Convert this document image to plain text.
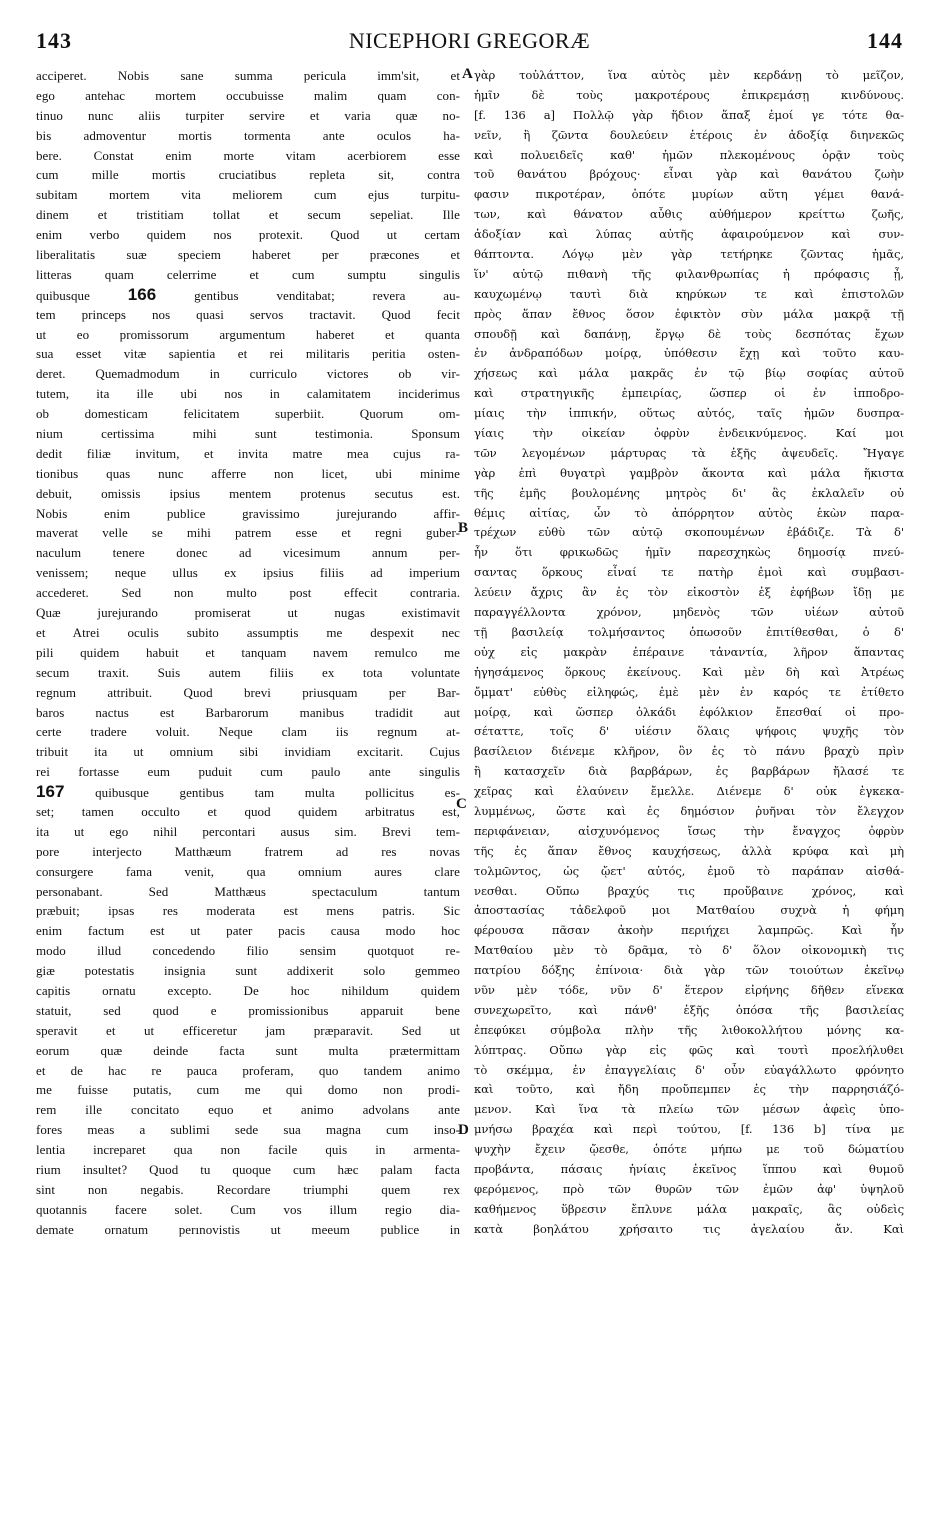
143	NICEPHORI GREGORÆ	144
acciperet. Nobis sane summa pericula imm'sit, et
ego antehac mortem occubuisse malim quam con-
tinuo nunc aliis turpiter servire et varia quæ no-
bis admoventur mortis tormenta ante oculos ha-
bere. Constat enim morte vitam acerbiorem esse
cum mille mortis cruciatibus repleta sit, contra
subitam mortem vita meliorem cum ejus turpitu-
dinem et tristitiam tollat et secum sepeliat. Ille
enim verbo quidem nos protexit. Quod ut certam
liberalitatis suæ speciem haberet per præcones et
litteras quam celerrime et cum sumptu singulis
quibusque 166 gentibus venditabat; revera au-
tem princeps nos quasi servos tractavit. Quod fecit
ut eo promissorum argumentum haberet et quanta
sua esset vitæ sapientia et rei militaris peritia osten-
deret. Quemadmodum in curriculo victores ob vir-
tutem, ita ille ubi nos in calamitatem inciderimus
ob domesticam felicitatem superbiit. Quorum om-
nium certissima mihi sunt testimonia. Sponsum
dedit filiæ invitum, et invita matre mea cujus ra-
tionibus quas nunc afferre non licet, ubi minime
debuit, omissis ipsius mentem protenus secutus est.
Nobis enim publice gravissimo jurejurando affir-
maverat velle se mihi patrem esse et regni guber-
naculum tenere donec ad vicesimum annum per-
venissem; neque ullus ex ipsius filiis ad imperium
accederet. Sed non multo post effecit contraria.
Quæ jurejurando promiserat ut nugas existimavit
et Atrei oculis subito assumptis me despexit nec
pili quidem habuit et tanquam navem remulco me
secum traxit. Suis autem filiis ex tota voluntate
regnum attribuit. Quod brevi priusquam per Bar-
baros nactus est Barbarorum manibus tradidit aut
certe tradere voluit. Neque clam iis regnum at-
tribuit ita ut omnium sibi invidiam excitarit. Cujus
rei fortasse eum puduit cum paulo ante singulis
167 quibusque gentibus tam multa pollicitus es-
set; tamen occulto et quod quidem arbitratus est,
ita ut ego nihil percontari ausus sim. Brevi tem-
pore interjecto Matthæum fratrem ad res novas
consurgere fama venit, qua omnium aures clare
personabant. Sed Matthæus spectaculum tantum
præbuit; ipsas res moderata est mens patris. Sic
enim factum est ut pater pacis causa modo hoc
modo illud concedendo filio sensim quotquot re-
giæ potestatis insignia sunt addixerit solo gemmeo
capitis ornatu excepto. De hoc nihildum quidem
statuit, sed quod e promissionibus apparuit bene
speravit et ut efficeretur jam præparavit. Sed ut
eorum quæ deinde facta sunt multa prætermittam
et de hac re pauca proferam, quo tandem animo
me fuisse putatis, cum me qui domo non prodi-
rem ille concitato equo et animo advolans ante
fores meas a sublimi sede sua magna cum inso-
lentia increparet qua non facile quis in armenta-
rium insultet? Quod tu quoque cum hæc palam facta
sint non negabis. Recordare triumphi quem rex
quotannis facere solet. Cum vos illum regio dia-
demate ornatum perınovistis ut meeum publice in
A
B
C
D
γὰρ τοὐλάττον, ἵνα αὐτὸς μὲν κερδάνῃ τὸ μεῖζον,
ἡμῖν δὲ τοὺς μακροτέρους ἐπικρεμάσῃ κινδύνους.
[f. 136 a] Πολλῷ γὰρ ἥδιον ἅπαξ ἐμοί γε τότε θα-
νεῖν, ἢ ζῶντα δουλεύειν ἑτέροις ἐν ἀδοξίᾳ διηνεκῶς
καὶ πολυειδεῖς καθ' ἡμῶν πλεκομένους ὁρᾷν τοὺς
τοῦ θανάτου βρόχους· εἶναι γὰρ καὶ θανάτου ζωὴν
φασιν πικροτέραν, ὁπότε μυρίων αὕτη γέμει θανά-
των, καὶ θάνατον αὖθις αὐθήμερον κρείττω ζωῆς,
ἀδοξίαν καὶ λύπας αὐτῆς ἀφαιρούμενον καὶ συν-
θάπτοντα. Λόγῳ μὲν γὰρ τετήρηκε ζῶντας ἡμᾶς,
ἵν' αὐτῷ πιθανὴ τῆς φιλανθρωπίας ἡ πρόφασις ᾖ,
καυχωμένῳ ταυτὶ διὰ κηρύκων τε καὶ ἐπιστολῶν
πρὸς ἅπαν ἔθνος ὅσον ἐφικτὸν σὺν μάλα μακρᾷ τῇ
σπουδῇ καὶ δαπάνῃ, ἔργῳ δὲ τοὺς δεσπότας ἔχων
ἐν ἀνδραπόδων μοίρᾳ, ὑπόθεσιν ἔχῃ καὶ τοῦτο καυ-
χήσεως καὶ μάλα μακρᾶς ἐν τῷ βίῳ σοφίας αὐτοῦ
καὶ στρατηγικῆς ἐμπειρίας, ὥσπερ οἱ ἐν ἱπποδρο-
μίαις τὴν ἱππικήν, οὕτως αὐτός, ταῖς ἡμῶν δυσπρα-
γίαις τὴν οἰκείαν ὀφρὺν ἐνδεικνύμενος. Καί μοι
τῶν λεγομένων μάρτυρας τὰ ἑξῆς ἀψευδεῖς. Ἤγαγε
γὰρ ἐπὶ θυγατρὶ γαμβρὸν ἄκοντα καὶ μάλα ἥκιστα
τῆς ἐμῆς βουλομένης μητρὸς δι' ἃς ἐκλαλεῖν οὐ
θέμις αἰτίας, ὧν τὸ ἀπόρρητον αὐτὸς ἑκὼν παρα-
τρέχων εὐθὺ τῶν αὐτῷ σκοπουμένων ἐβάδιζε. Τὰ δ'
ἦν ὅτι φρικωδῶς ἡμῖν παρεσχηκὼς δημοσίᾳ πνεύ-
σαντας ὅρκους εἶναί τε πατὴρ ἐμοὶ καὶ συμβασι-
λεύειν ἄχρις ἂν ἐς τὸν εἰκοστὸν ἐξ ἐφήβων ἴδῃ με
παραγγέλλοντα χρόνον, μηδενὸς τῶν υἱέων αὐτοῦ
τῇ βασιλείᾳ τολμήσαντος ὁπωσοῦν ἐπιτίθεσθαι, ὁ δ'
οὐχ εἰς μακρὰν ἐπέραινε τἀναντία, λῆρον ἅπαντας
ἡγησάμενος ὅρκους ἐκείνους. Καὶ μὲν δὴ καὶ Ἀτρέως
ὄμματ' εὐθὺς εἰληφώς, ἐμὲ μὲν ἐν καρός τε ἐτίθετο
μοίρᾳ, καὶ ὥσπερ ὁλκάδι ἐφόλκιον ἔπεσθαί οἱ προ-
σέταττε, τοῖς δ' υἱέσιν ὅλαις ψήφοις ψυχῆς τὸν
βασίλειον διένεμε κλῆρον, ὃν ἐς τὸ πάνυ βραχὺ πρὶν
ἢ κατασχεῖν διὰ βαρβάρων, ἐς βαρβάρων ἤλασέ τε
χεῖρας καὶ ἐλαύνειν ἔμελλε. Διένεμε δ' οὐκ ἐγκεκα-
λυμμένως, ὥστε καὶ ἐς δημόσιον ῥυῆναι τὸν ἔλεγχον
περιφάνειαν, αἰσχυνόμενος ἴσως τὴν ἔναγχος ὀφρὺν
τῆς ἐς ἅπαν ἔθνος καυχήσεως, ἀλλὰ κρύφα καὶ μὴ
τολμῶντος, ὡς ᾤετ' αὐτός, ἐμοῦ τὸ παράπαν αἰσθά-
νεσθαι. Οὔπω βραχύς τις προὔβαινε χρόνος, καὶ
ἀποστασίας τἀδελφοῦ μοι Ματθαίου συχνὰ ἡ φήμη
φέρουσα πᾶσαν ἀκοὴν περιήχει λαμπρῶς. Καὶ ἦν
Ματθαίου μὲν τὸ δρᾶμα, τὸ δ' ὅλον οἰκονομικὴ τις
πατρίου δόξης ἐπίνοια· διὰ γὰρ τῶν τοιούτων ἐκεῖνῳ
νῦν μὲν τόδε, νῦν δ' ἕτερον εἰρήνης δῆθεν εἵνεκα
συνεχωρεῖτο, καὶ πάνθ' ἑξῆς ὁπόσα τῆς βασιλείας
ἐπεφύκει σύμβολα πλὴν τῆς λιθοκολλήτου μόνης κα-
λύπτρας. Οὔπω γὰρ εἰς φῶς καὶ τουτὶ προελήλυθει
τὸ σκέμμα, ἐν ἐπαγγελίαις δ' οὖν εὐαγάλλωτο φρόνητο
καὶ τοῦτο, καὶ ἤδη προὔπεμπεν ἐς τὴν παρρησιάζό-
μενον. Καὶ ἵνα τὰ πλείω τῶν μέσων ἀφεὶς ὑπο-
μνήσω βραχέα καὶ περὶ τούτου, [f. 136 b] τίνα με
ψυχὴν ἔχειν ᾤεσθε, ὁπότε μήπω με τοῦ δώματίου
προβάντα, πάσαις ἡνίαις ἐκεῖνος ἵππου καὶ θυμοῦ
φερόμενος, πρὸ τῶν θυρῶν τῶν ἐμῶν ἀφ' ὑψηλοῦ
καθήμενος ὕβρεσιν ἔπλυνε μάλα μακραῖς, ἃς οὐδεὶς
κατὰ βοηλάτου χρήσαιτο τις ἀγελαίου ἄν. Καὶ
